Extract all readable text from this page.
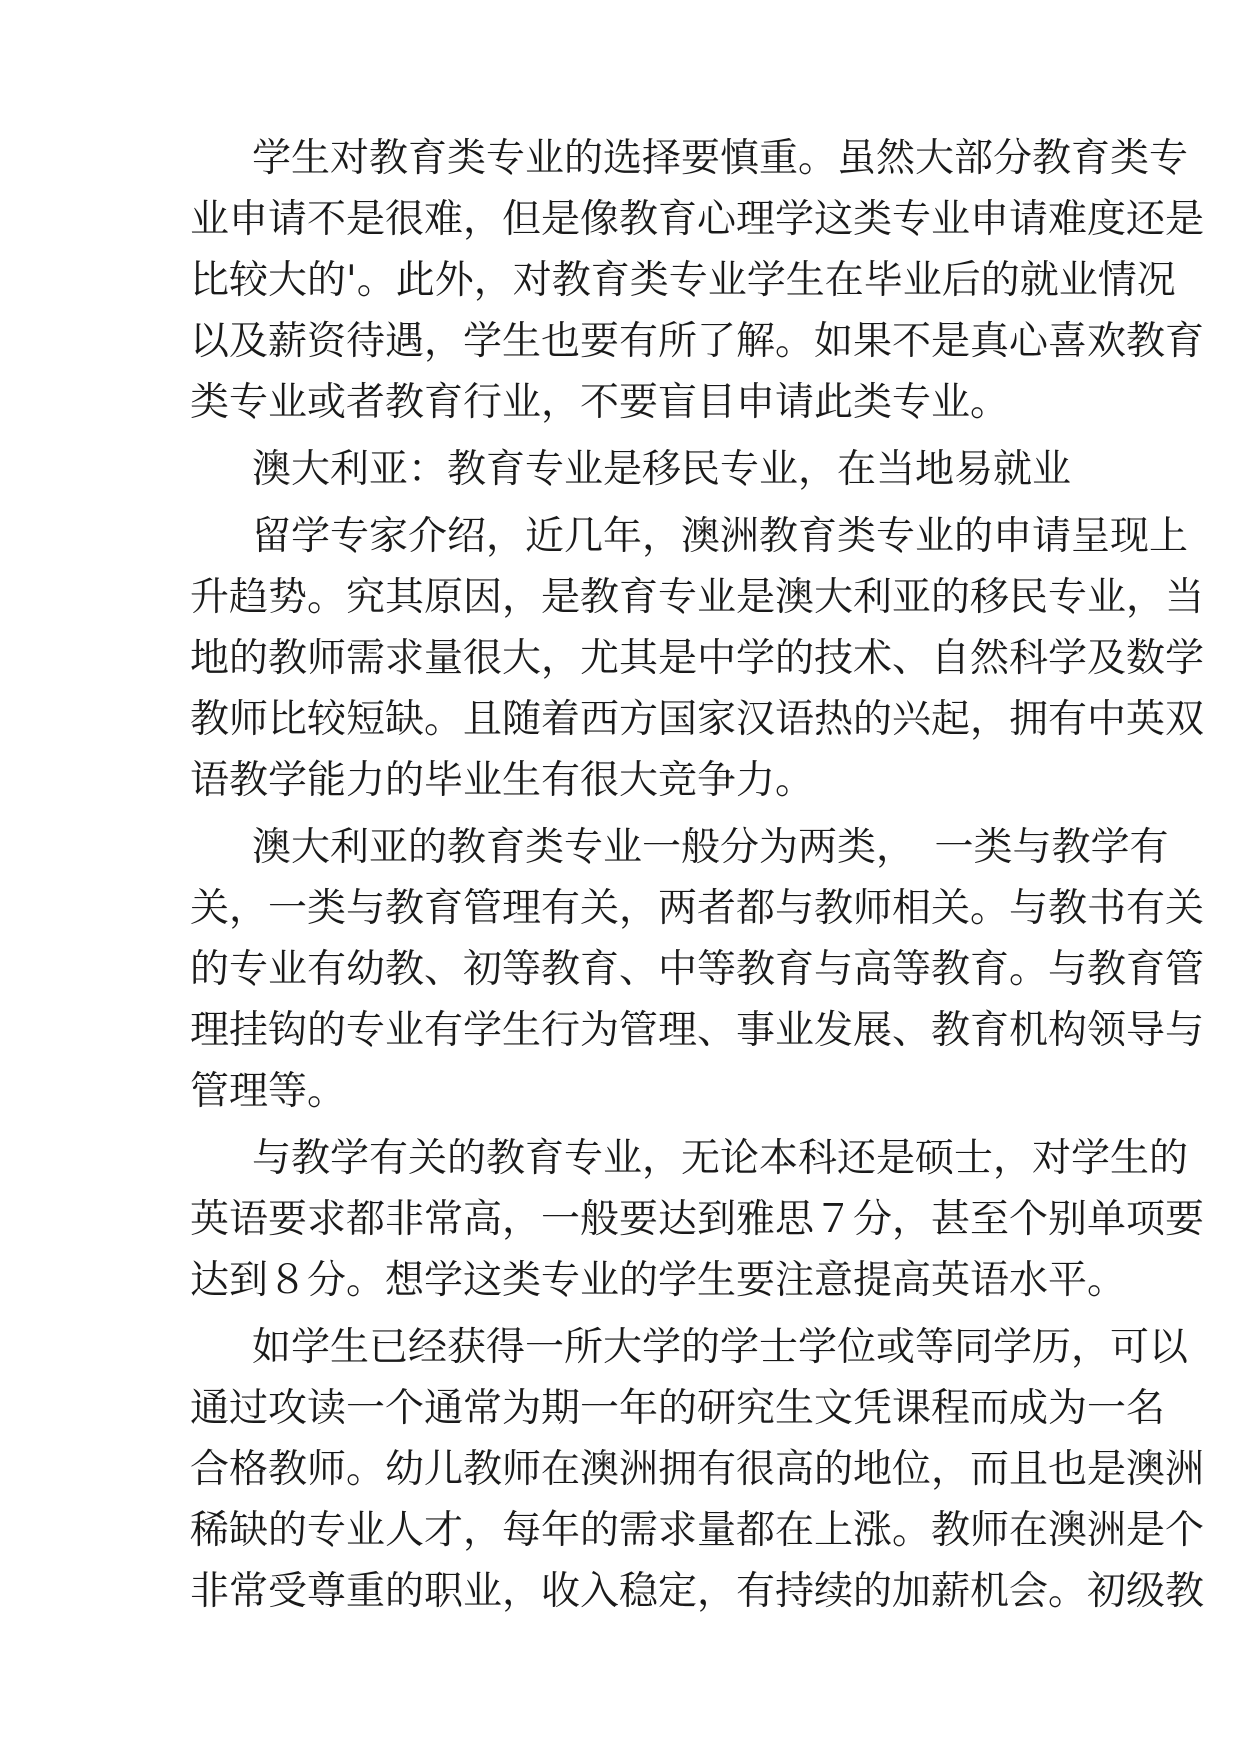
学生对教育类专业的选择要慎重。虽然大部分教育类专
业申请不是很难，但是像教育心理学这类专业申请难度还是
比较大的'。此外，对教育类专业学生在毕业后的就业情况
以及薪资待遇，学生也要有所了解。如果不是真心喜欢教育
类专业或者教育行业，不要盲目申请此类专业。
澳大利亚：教育专业是移民专业，在当地易就业
留学专家介绍，近几年，澳洲教育类专业的申请呈现上
升趋势。究其原因，是教育专业是澳大利亚的移民专业，当
地的教师需求量很大，尤其是中学的技术、自然科学及数学
教师比较短缺。且随着西方国家汉语热的兴起，拥有中英双
语教学能力的毕业生有很大竞争力。
澳大利亚的教育类专业一般分为两类，　一类与教学有
关，一类与教育管理有关，两者都与教师相关。与教书有关
的专业有幼教、初等教育、中等教育与高等教育。与教育管
理挂钩的专业有学生行为管理、事业发展、教育机构领导与
管理等。
与教学有关的教育专业，无论本科还是硕士，对学生的
英语要求都非常高，一般要达到雅思７分，甚至个别单项要
达到８分。想学这类专业的学生要注意提高英语水平。
如学生已经获得一所大学的学士学位或等同学历，可以
通过攻读一个通常为期一年的研究生文凭课程而成为一名
合格教师。幼儿教师在澳洲拥有很高的地位，而且也是澳洲
稀缺的专业人才，每年的需求量都在上涨。教师在澳洲是个
非常受尊重的职业，收入稳定，有持续的加薪机会。初级教
